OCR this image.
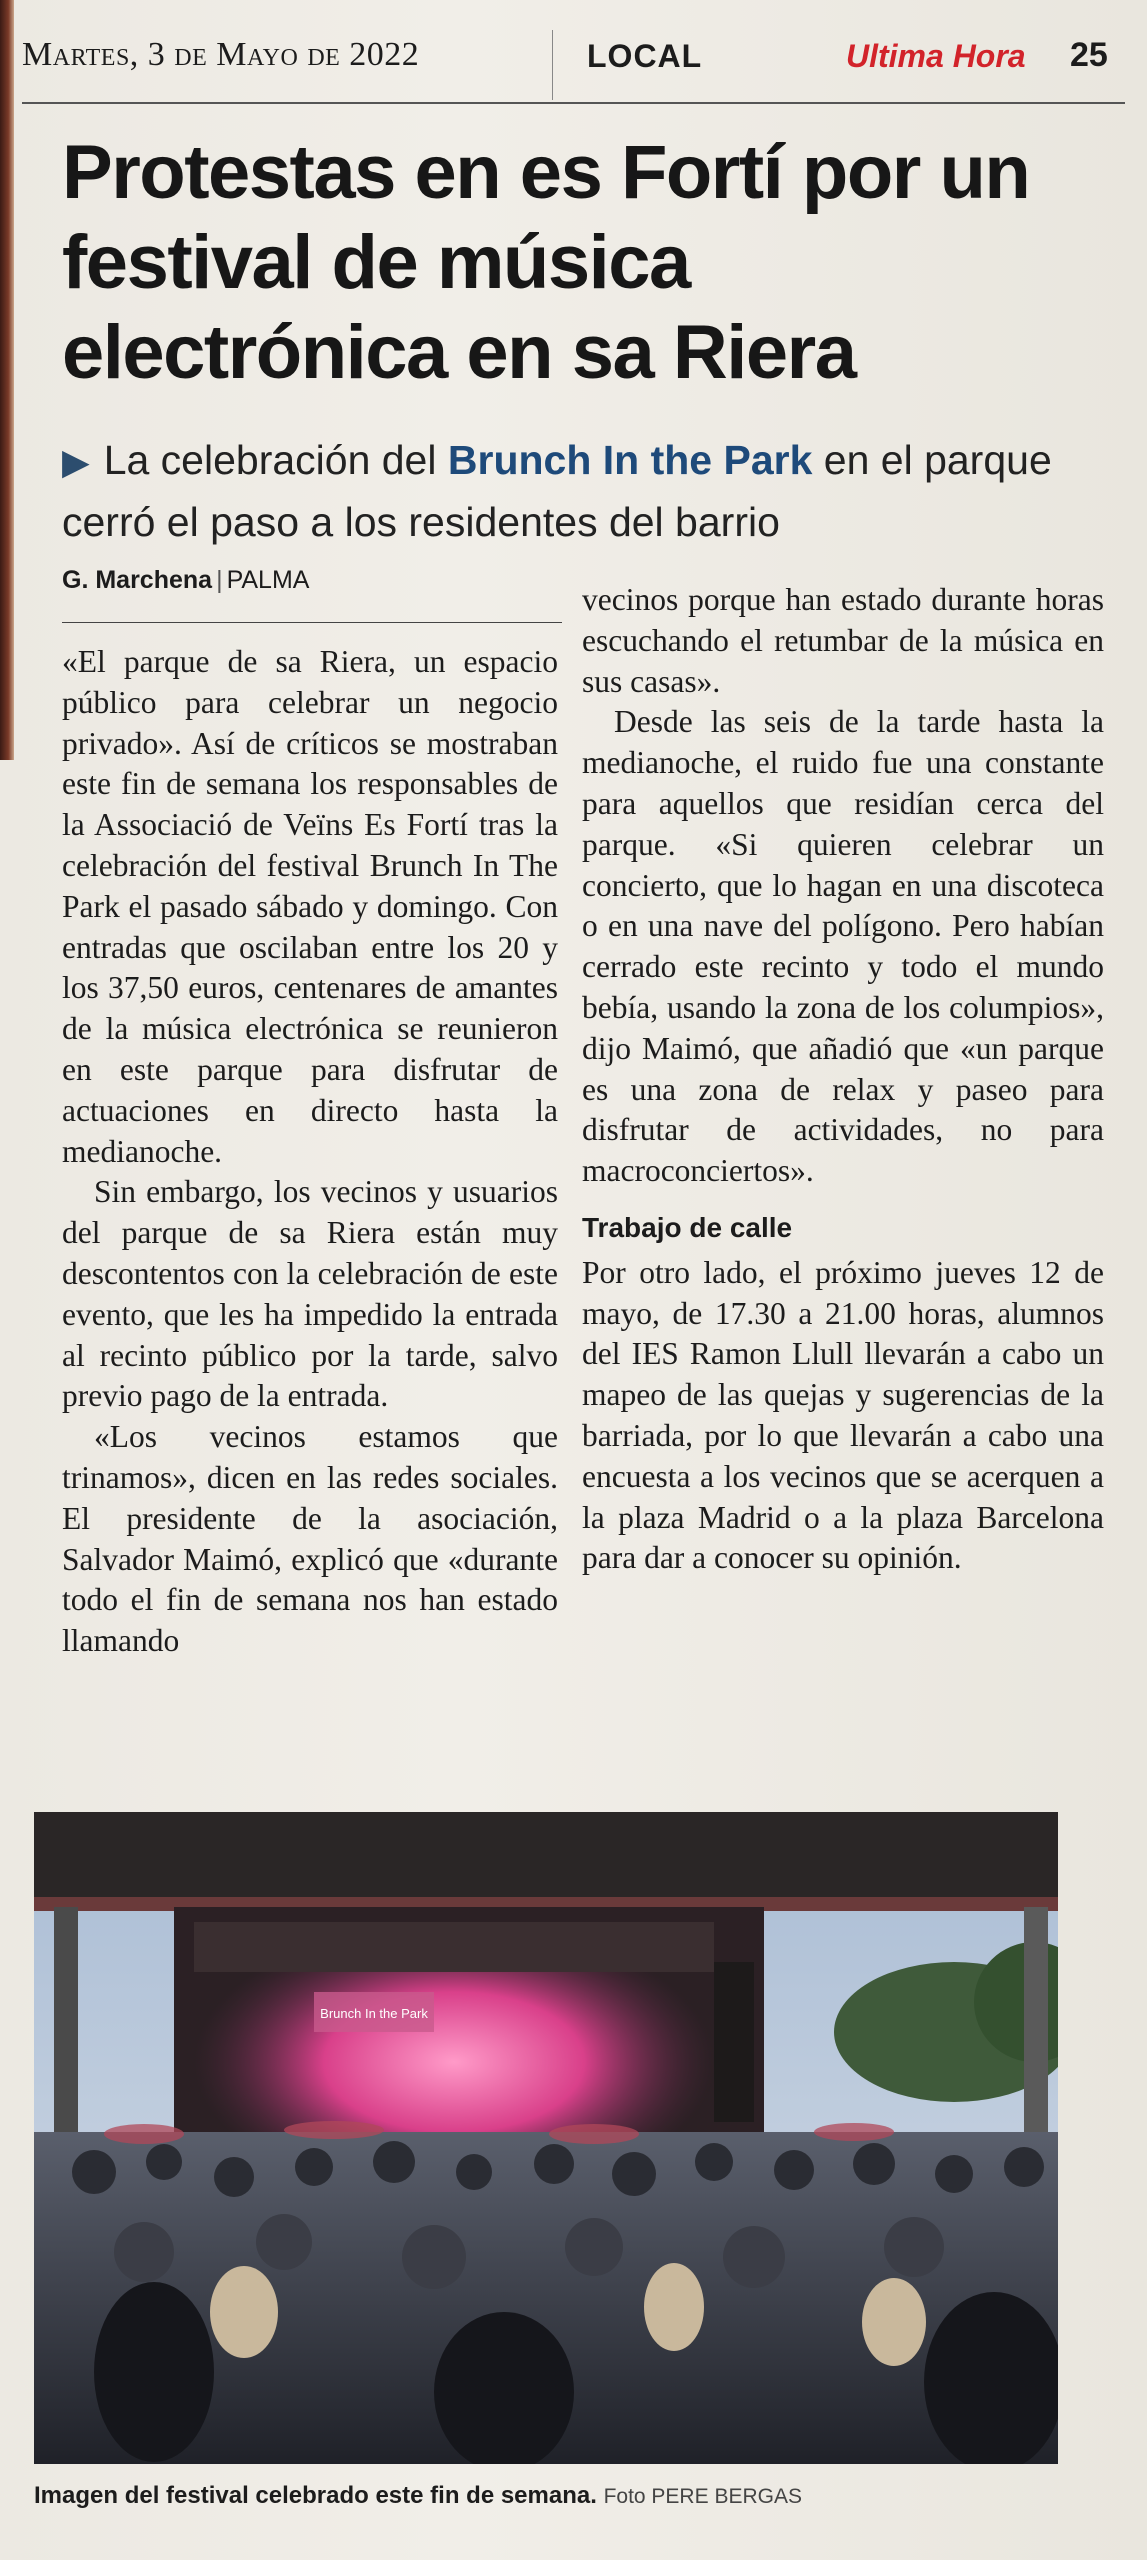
Martes, 3 de Mayo de 2022	LOCAL	Ultima Hora 25
Protestas en es Fortí por un festival de música electrónica en sa Riera
▶ La celebración del Brunch In the Park en el parque cerró el paso a los residentes del barrio
G. Marchena | PALMA

«El parque de sa Riera, un espacio público para celebrar un negocio privado». Así de críticos se mostraban este fin de semana los responsables de la Associació de Veïns Es Fortí tras la celebración del festival Brunch In The Park el pasado sábado y domingo. Con entradas que oscilaban entre los 20 y los 37,50 euros, centenares de amantes de la música electrónica se reunieron en este parque para disfrutar de actuaciones en directo hasta la medianoche.

Sin embargo, los vecinos y usuarios del parque de sa Riera están muy descontentos con la celebración de este evento, que les ha impedido la entrada al recinto público por la tarde, salvo previo pago de la entrada.

«Los vecinos estamos que trinamos», dicen en las redes sociales. El presidente de la asociación, Salvador Maimó, explicó que «durante todo el fin de semana nos han estado llamando

vecinos porque han estado durante horas escuchando el retumbar de la música en sus casas».

Desde las seis de la tarde hasta la medianoche, el ruido fue una constante para aquellos que residían cerca del parque. «Si quieren celebrar un concierto, que lo hagan en una discoteca o en una nave del polígono. Pero habían cerrado este recinto y todo el mundo bebía, usando la zona de los columpios», dijo Maimó, que añadió que «un parque es una zona de relax y paseo para disfrutar de actividades, no para macroconciertos».

Trabajo de calle

Por otro lado, el próximo jueves 12 de mayo, de 17.30 a 21.00 horas, alumnos del IES Ramon Llull llevarán a cabo un mapeo de las quejas y sugerencias de la barriada, por lo que llevarán a cabo una encuesta a los vecinos que se acerquen a la plaza Madrid o a la plaza Barcelona para dar a conocer su opinión.

Brunch In the Park
Imagen del festival celebrado este fin de semana. Foto PERE BERGAS
